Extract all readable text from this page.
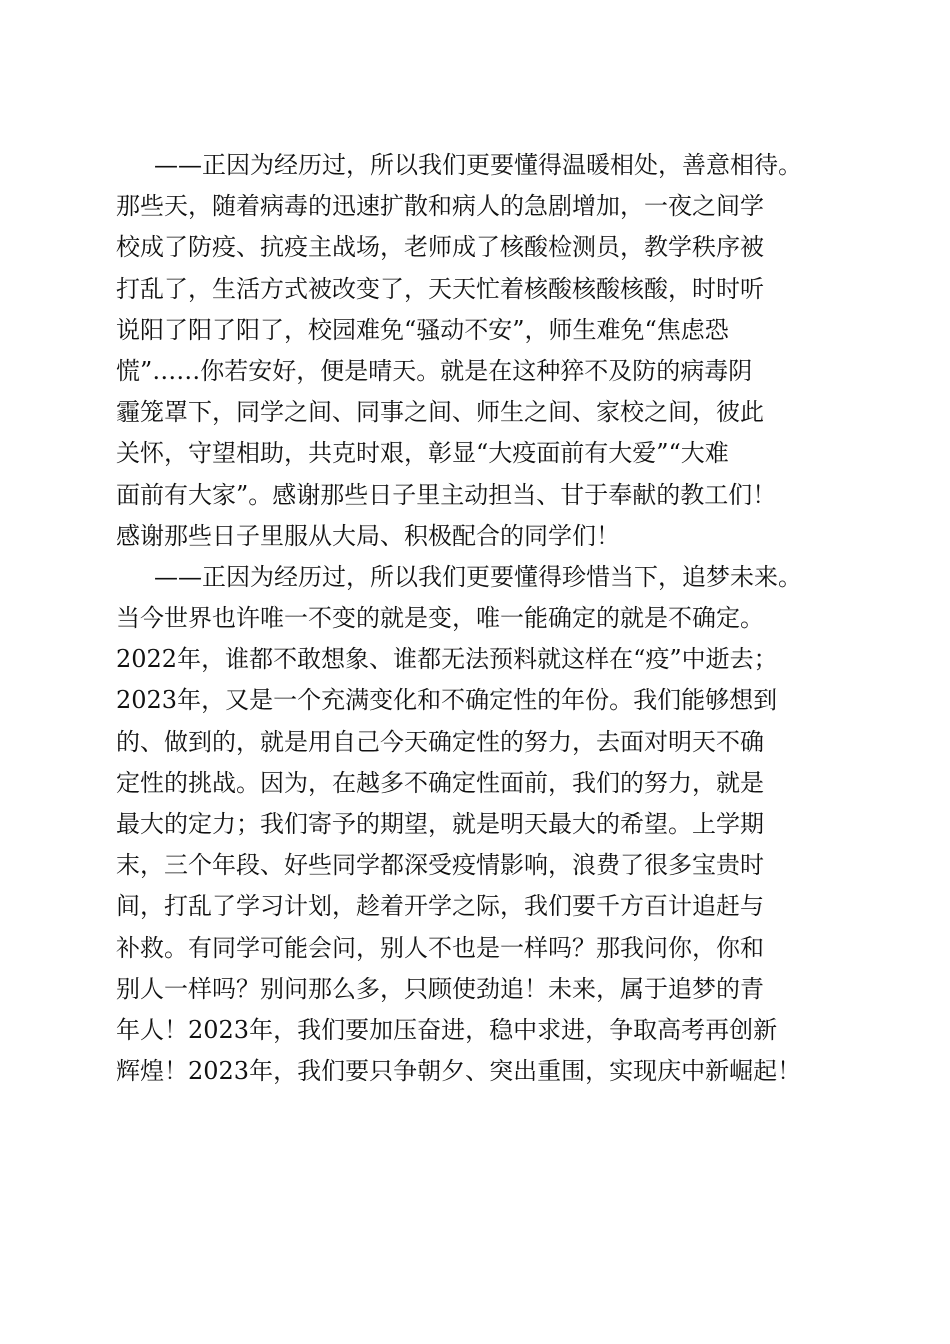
——正因为经历过，所以我们更要懂得温暖相处，善意相待。
那些天，随着病毒的迅速扩散和病人的急剧增加，一夜之间学
校成了防疫、抗疫主战场，老师成了核酸检测员，教学秩序被
打乱了，生活方式被改变了，天天忙着核酸核酸核酸，时时听
说阳了阳了阳了，校园难免“骚动不安”，师生难免“焦虑恐
慌”……你若安好，便是晴天。就是在这种猝不及防的病毒阴
霾笼罩下，同学之间、同事之间、师生之间、家校之间，彼此
关怀，守望相助，共克时艰，彰显“大疫面前有大爱”“大难
面前有大家”。感谢那些日子里主动担当、甘于奉献的教工们！
感谢那些日子里服从大局、积极配合的同学们！
——正因为经历过，所以我们更要懂得珍惜当下，追梦未来。
当今世界也许唯一不变的就是变，唯一能确定的就是不确定。
2022年，谁都不敢想象、谁都无法预料就这样在“疫”中逝去；
2023年，又是一个充满变化和不确定性的年份。我们能够想到
的、做到的，就是用自己今天确定性的努力，去面对明天不确
定性的挑战。因为，在越多不确定性面前，我们的努力，就是
最大的定力；我们寄予的期望，就是明天最大的希望。上学期
末，三个年段、好些同学都深受疫情影响，浪费了很多宝贵时
间，打乱了学习计划，趁着开学之际，我们要千方百计追赶与
补救。有同学可能会问，别人不也是一样吗？那我问你，你和
别人一样吗？别问那么多，只顾使劲追！未来，属于追梦的青
年人！2023年，我们要加压奋进，稳中求进，争取高考再创新
辉煌！2023年，我们要只争朝夕、突出重围，实现庆中新崛起！
